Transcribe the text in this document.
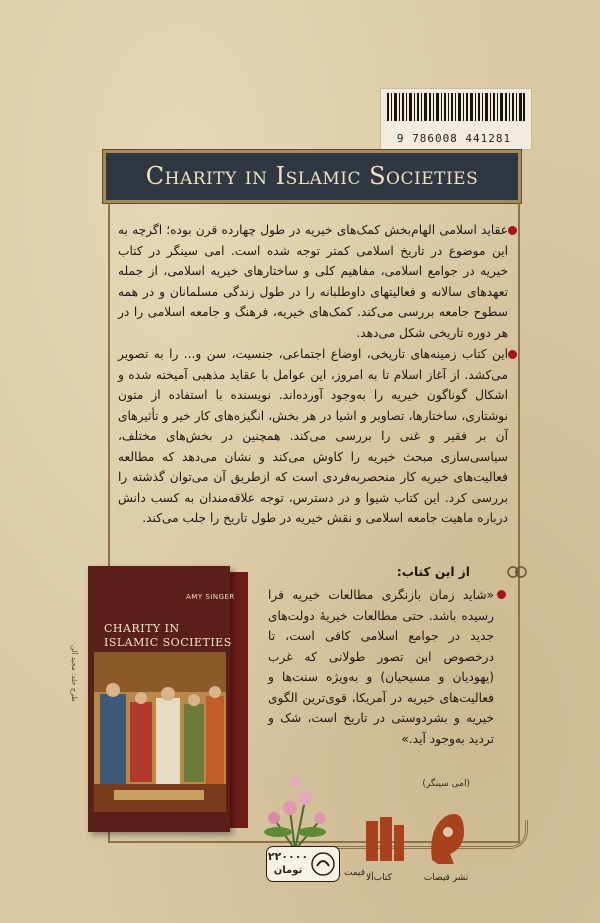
9 786008 441281
Charity in Islamic Societies
عقاید اسلامی الهام‌بخش کمک‌های خیریه در طول چهارده قرن بوده؛ اگرچه به این موضوع در تاریخ اسلامی کمتر توجه شده است. امی سینگر در کتاب خیریه در جوامع اسلامی، مفاهیم کلی و ساختارهای خیریه اسلامی، از جمله تعهدهای سالانه و فعالیتهای داوطلبانه را در طول زندگی مسلمانان و در همه سطوح جامعه بررسی می‌کند. کمک‌های خیریه، فرهنگ و جامعه اسلامی را در هر دوره تاریخی شکل می‌دهد.
این کتاب زمینه‌های تاریخی، اوضاع اجتماعی، جنسیت، سن و... را به تصویر می‌کشد. از آغاز اسلام تا به امروز، این عوامل با عقاید مذهبی آمیخته شده و اشکال گوناگون خیریه را به‌وجود آورده‌اند. نویسنده با استفاده از متون نوشتاری، ساختارها، تصاویر و اشیا در هر بخش، انگیزه‌های کار خیر و تأثیرهای آن بر فقیر و غنی را بررسی می‌کند. همچنین در بخش‌های مختلف، سیاسی‌سازی مبحث خیریه را کاوش می‌کند و نشان می‌دهد که مطالعه فعالیت‌های خیریه کار منحصربه‌فردی است که ازطریق آن می‌توان گذشته را بررسی کرد. این کتاب شیوا و در دسترس، توجه علاقه‌مندان به کسب دانش درباره ماهیت جامعه اسلامی و نقش خیریه در طول تاریخ را جلب می‌کند.
از این کتاب:
«شاید زمان بازنگری مطالعات خیریه فرا رسیده باشد. حتی مطالعات خیریهٔ دولت‌های جدید در جوامع اسلامی کافی است، تا درخصوص این تصور طولانی که غرب (یهودیان و مسیحیان) و به‌ویژه سنت‌ها و فعالیت‌های خیریه در آمریکا، قوی‌ترین الگوی خیریه و بشردوستی در تاریخ است، شک و تردید به‌وجود آید.»
(امی سینگر)
طرح جلد: مجید آلن
AMY SINGER
CHARITY IN
ISLAMIC SOCIETIES
۲۲۰۰۰۰
تومان	قیمت کتاب‌آلا	نشر قیصات
